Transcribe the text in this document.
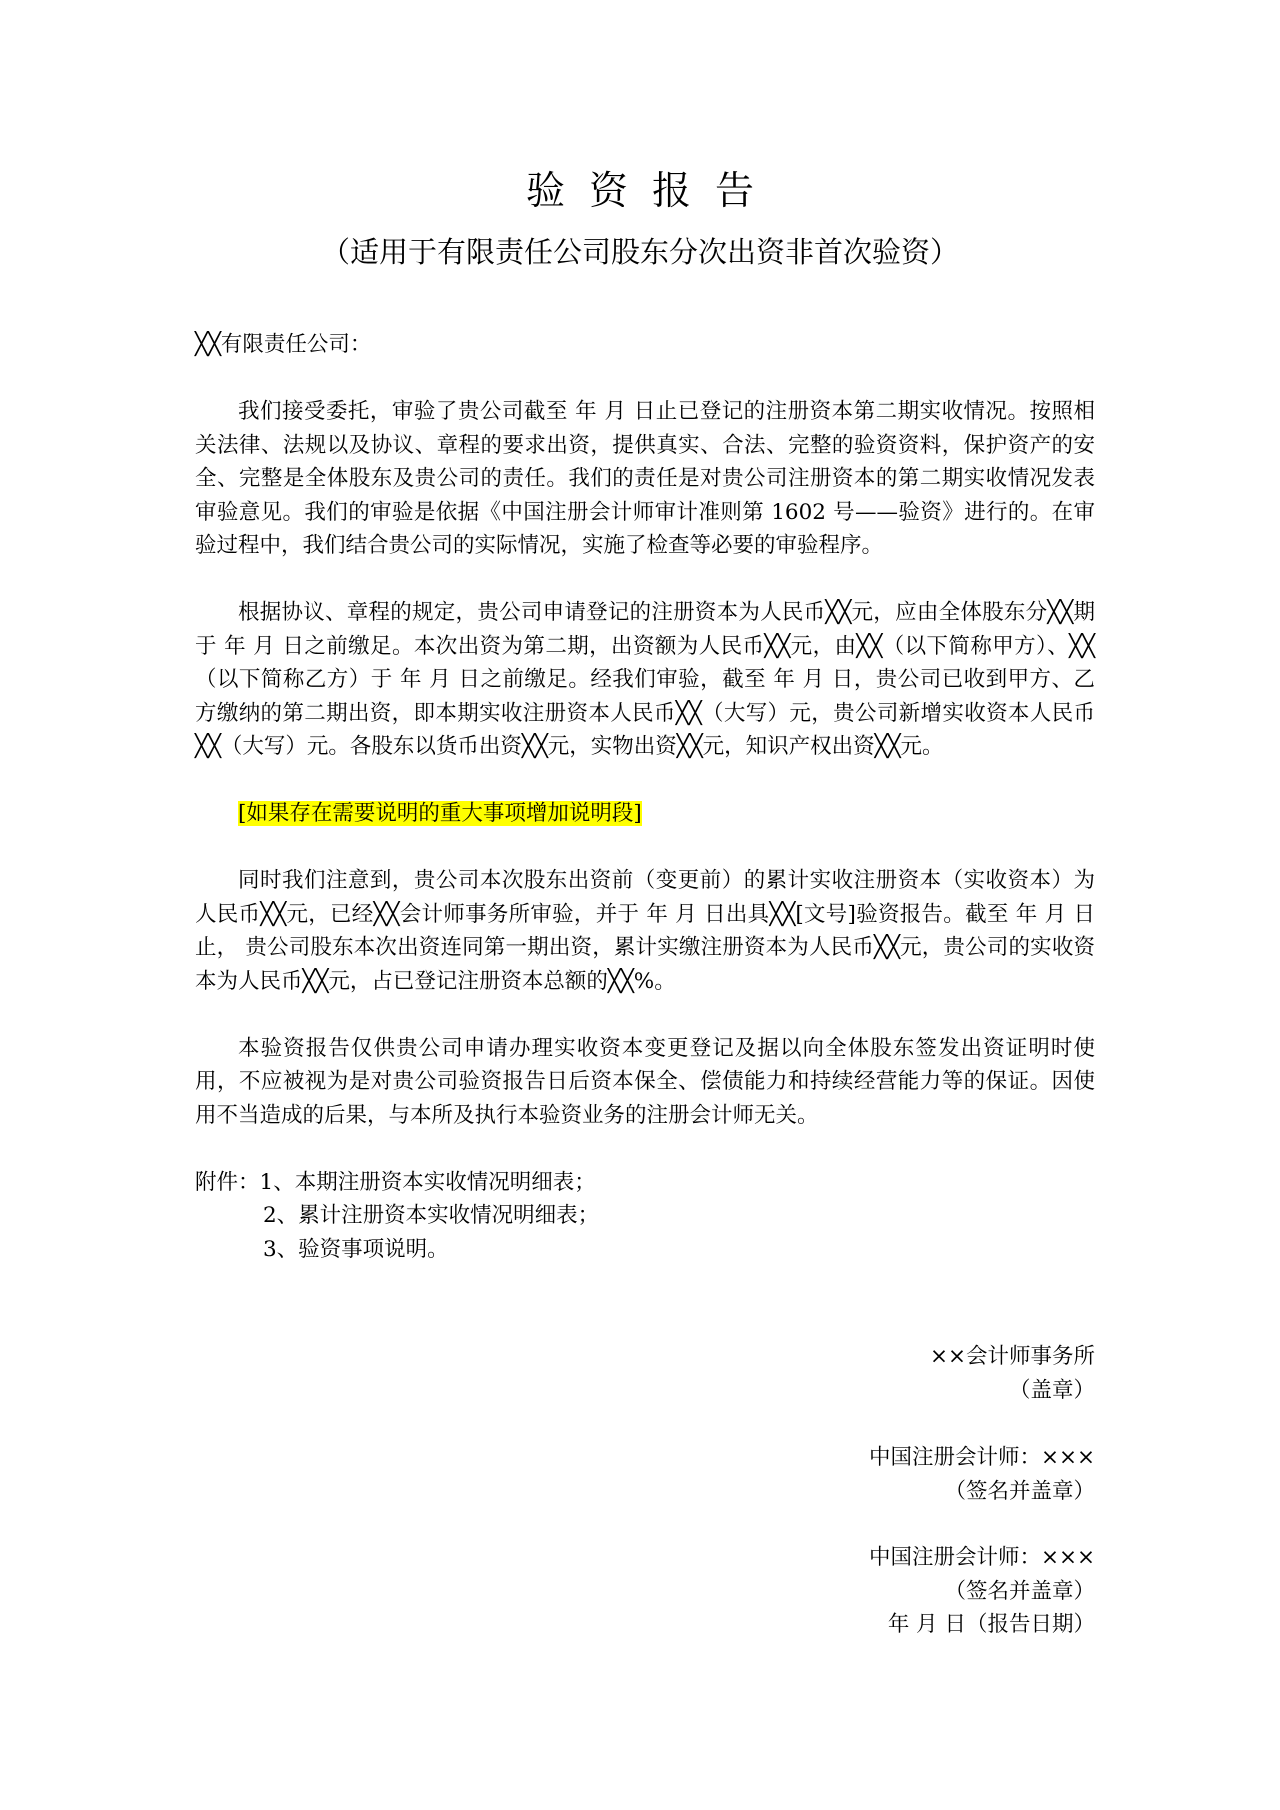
验资报告
（适用于有限责任公司股东分次出资非首次验资）

╳╳有限责任公司：

我们接受委托，审验了贵公司截至 年 月 日止已登记的注册资本第二期实收情况。按照相关法律、法规以及协议、章程的要求出资，提供真实、合法、完整的验资资料，保护资产的安全、完整是全体股东及贵公司的责任。我们的责任是对贵公司注册资本的第二期实收情况发表审验意见。我们的审验是依据《中国注册会计师审计准则第 1602 号——验资》进行的。在审验过程中，我们结合贵公司的实际情况，实施了检查等必要的审验程序。

根据协议、章程的规定，贵公司申请登记的注册资本为人民币╳╳元，应由全体股东分╳╳期于 年 月 日之前缴足。本次出资为第二期，出资额为人民币╳╳元，由╳╳（以下简称甲方）、╳╳（以下简称乙方）于 年 月 日之前缴足。经我们审验，截至 年 月 日，贵公司已收到甲方、乙方缴纳的第二期出资，即本期实收注册资本人民币╳╳（大写）元，贵公司新增实收资本人民币╳╳（大写）元。各股东以货币出资╳╳元，实物出资╳╳元，知识产权出资╳╳元。

[如果存在需要说明的重大事项增加说明段]

同时我们注意到，贵公司本次股东出资前（变更前）的累计实收注册资本（实收资本）为人民币╳╳元，已经╳╳会计师事务所审验，并于 年 月 日出具╳╳[文号]验资报告。截至 年 月 日止， 贵公司股东本次出资连同第一期出资，累计实缴注册资本为人民币╳╳元，贵公司的实收资本为人民币╳╳元，占已登记注册资本总额的╳╳%。

本验资报告仅供贵公司申请办理实收资本变更登记及据以向全体股东签发出资证明时使用，不应被视为是对贵公司验资报告日后资本保全、偿债能力和持续经营能力等的保证。因使用不当造成的后果，与本所及执行本验资业务的注册会计师无关。

附件：1、本期注册资本实收情况明细表；

2、累计注册资本实收情况明细表；

3、验资事项说明。

××会计师事务所
（盖章）
中国注册会计师：×××
（签名并盖章）
中国注册会计师：×××
（签名并盖章）
年 月 日（报告日期）
